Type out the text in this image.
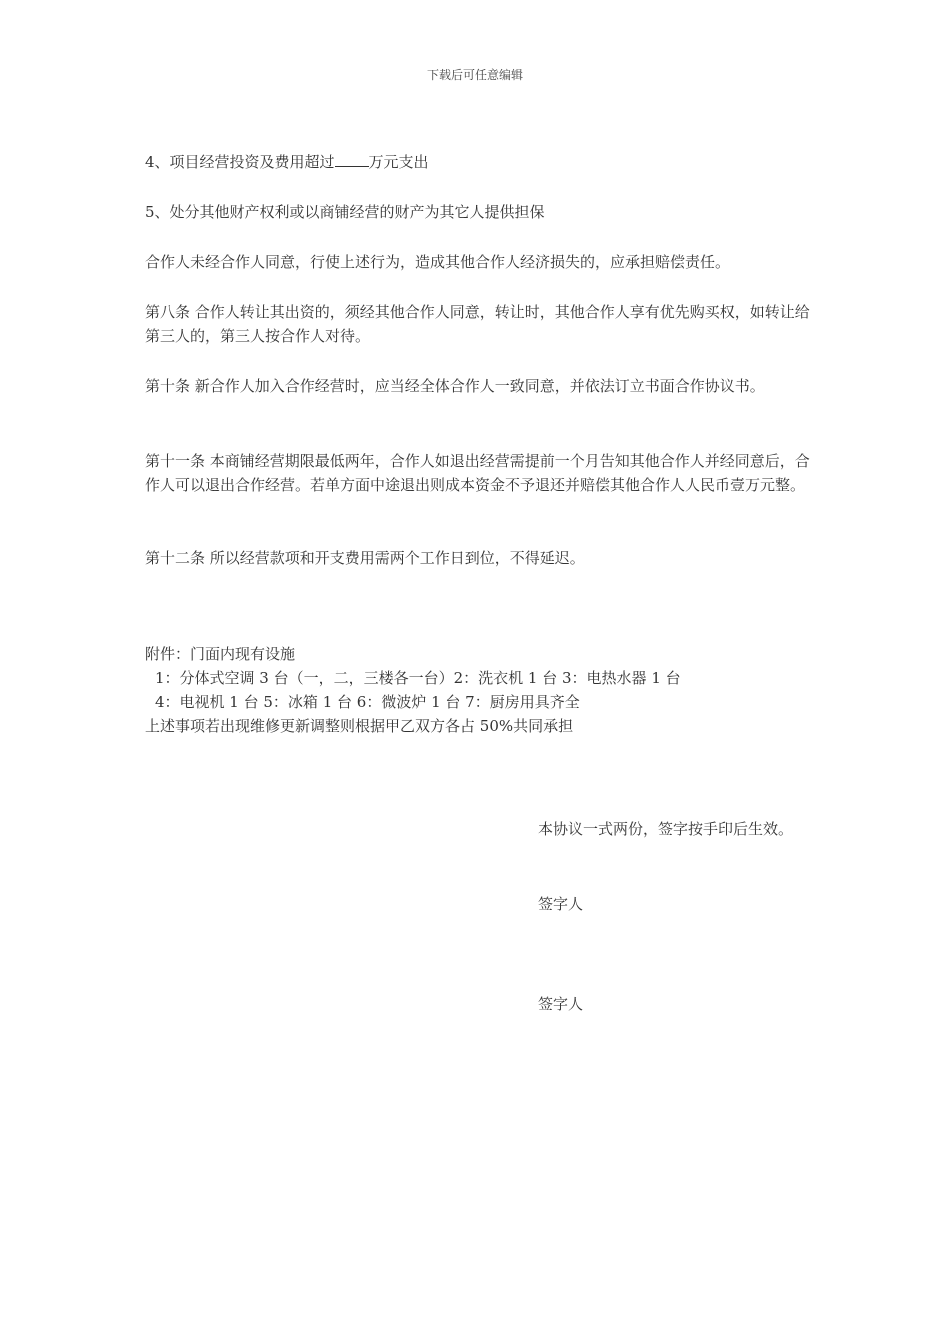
下载后可任意编辑

4、项目经营投资及费用超过 万元支出

5、处分其他财产权利或以商铺经营的财产为其它人提供担保

合作人未经合作人同意，行使上述行为，造成其他合作人经济损失的，应承担赔偿责任。

第八条 合作人转让其出资的，须经其他合作人同意，转让时，其他合作人享有优先购买权，如转让给第三人的，第三人按合作人对待。

第十条 新合作人加入合作经营时，应当经全体合作人一致同意，并依法订立书面合作协议书。

第十一条 本商铺经营期限最低两年，合作人如退出经营需提前一个月告知其他合作人并经同意后，合作人可以退出合作经营。若单方面中途退出则成本资金不予退还并赔偿其他合作人人民币壹万元整。

第十二条 所以经营款项和开支费用需两个工作日到位，不得延迟。

附件：门面内现有设施
1：分体式空调 3 台（一，二，三楼各一台）2：洗衣机 1 台 3：电热水器 1 台
4：电视机 1 台 5：冰箱 1 台 6：微波炉 1 台 7：厨房用具齐全
上述事项若出现维修更新调整则根据甲乙双方各占 50%共同承担
本协议一式两份，签字按手印后生效。
签字人
签字人
